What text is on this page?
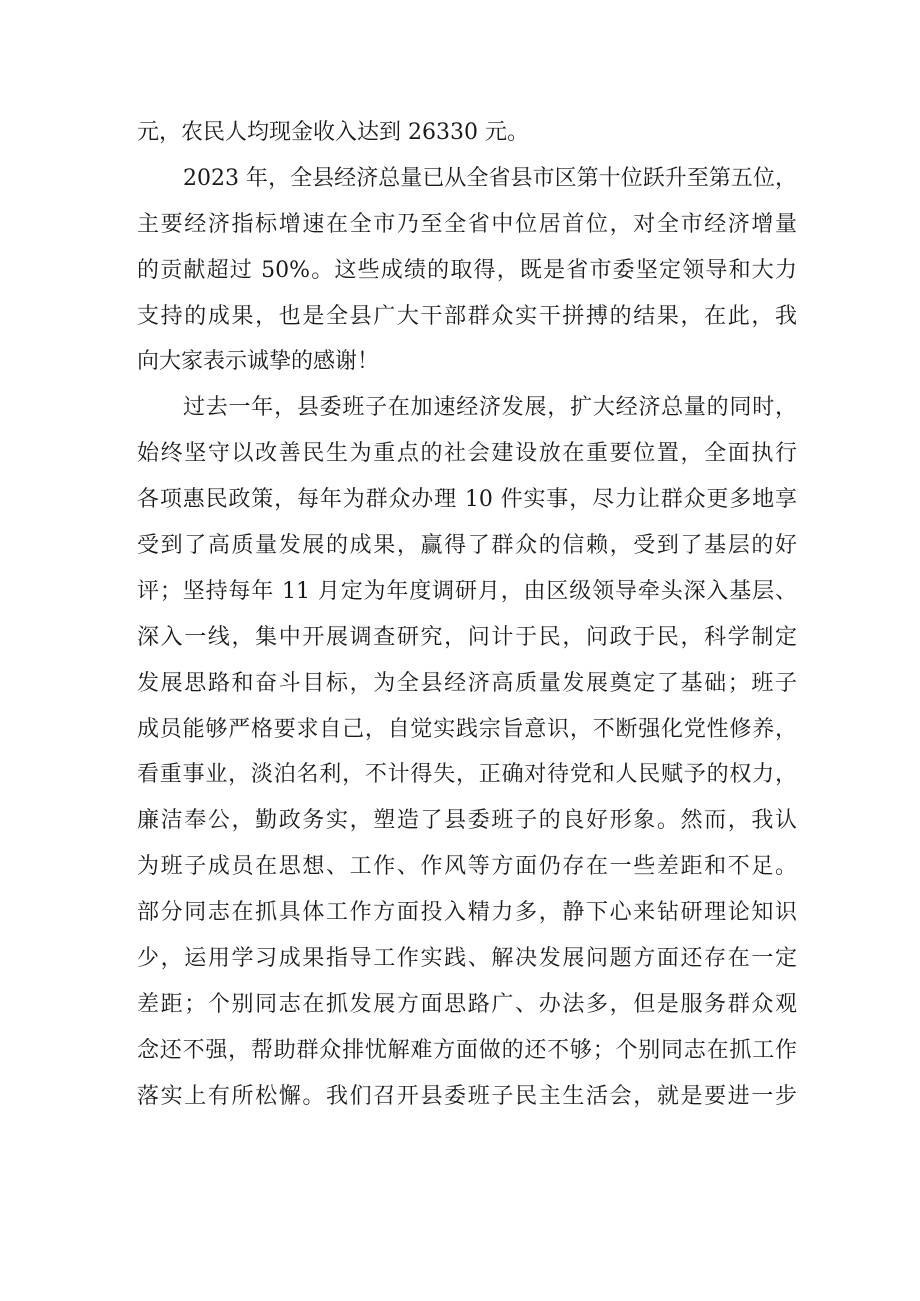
元，农民人均现金收入达到 26330 元。
2023 年，全县经济总量已从全省县市区第十位跃升至第五位，
主要经济指标增速在全市乃至全省中位居首位，对全市经济增量
的贡献超过 50%。这些成绩的取得，既是省市委坚定领导和大力
支持的成果，也是全县广大干部群众实干拼搏的结果，在此，我
向大家表示诚挚的感谢！
过去一年，县委班子在加速经济发展，扩大经济总量的同时，
始终坚守以改善民生为重点的社会建设放在重要位置，全面执行
各项惠民政策，每年为群众办理 10 件实事，尽力让群众更多地享
受到了高质量发展的成果，赢得了群众的信赖，受到了基层的好
评；坚持每年 11 月定为年度调研月，由区级领导牵头深入基层、
深入一线，集中开展调查研究，问计于民，问政于民，科学制定
发展思路和奋斗目标，为全县经济高质量发展奠定了基础；班子
成员能够严格要求自己，自觉实践宗旨意识，不断强化党性修养，
看重事业，淡泊名利，不计得失，正确对待党和人民赋予的权力，
廉洁奉公，勤政务实，塑造了县委班子的良好形象。然而，我认
为班子成员在思想、工作、作风等方面仍存在一些差距和不足。
部分同志在抓具体工作方面投入精力多，静下心来钻研理论知识
少，运用学习成果指导工作实践、解决发展问题方面还存在一定
差距；个别同志在抓发展方面思路广、办法多，但是服务群众观
念还不强，帮助群众排忧解难方面做的还不够；个别同志在抓工作
落实上有所松懈。我们召开县委班子民主生活会，就是要进一步
